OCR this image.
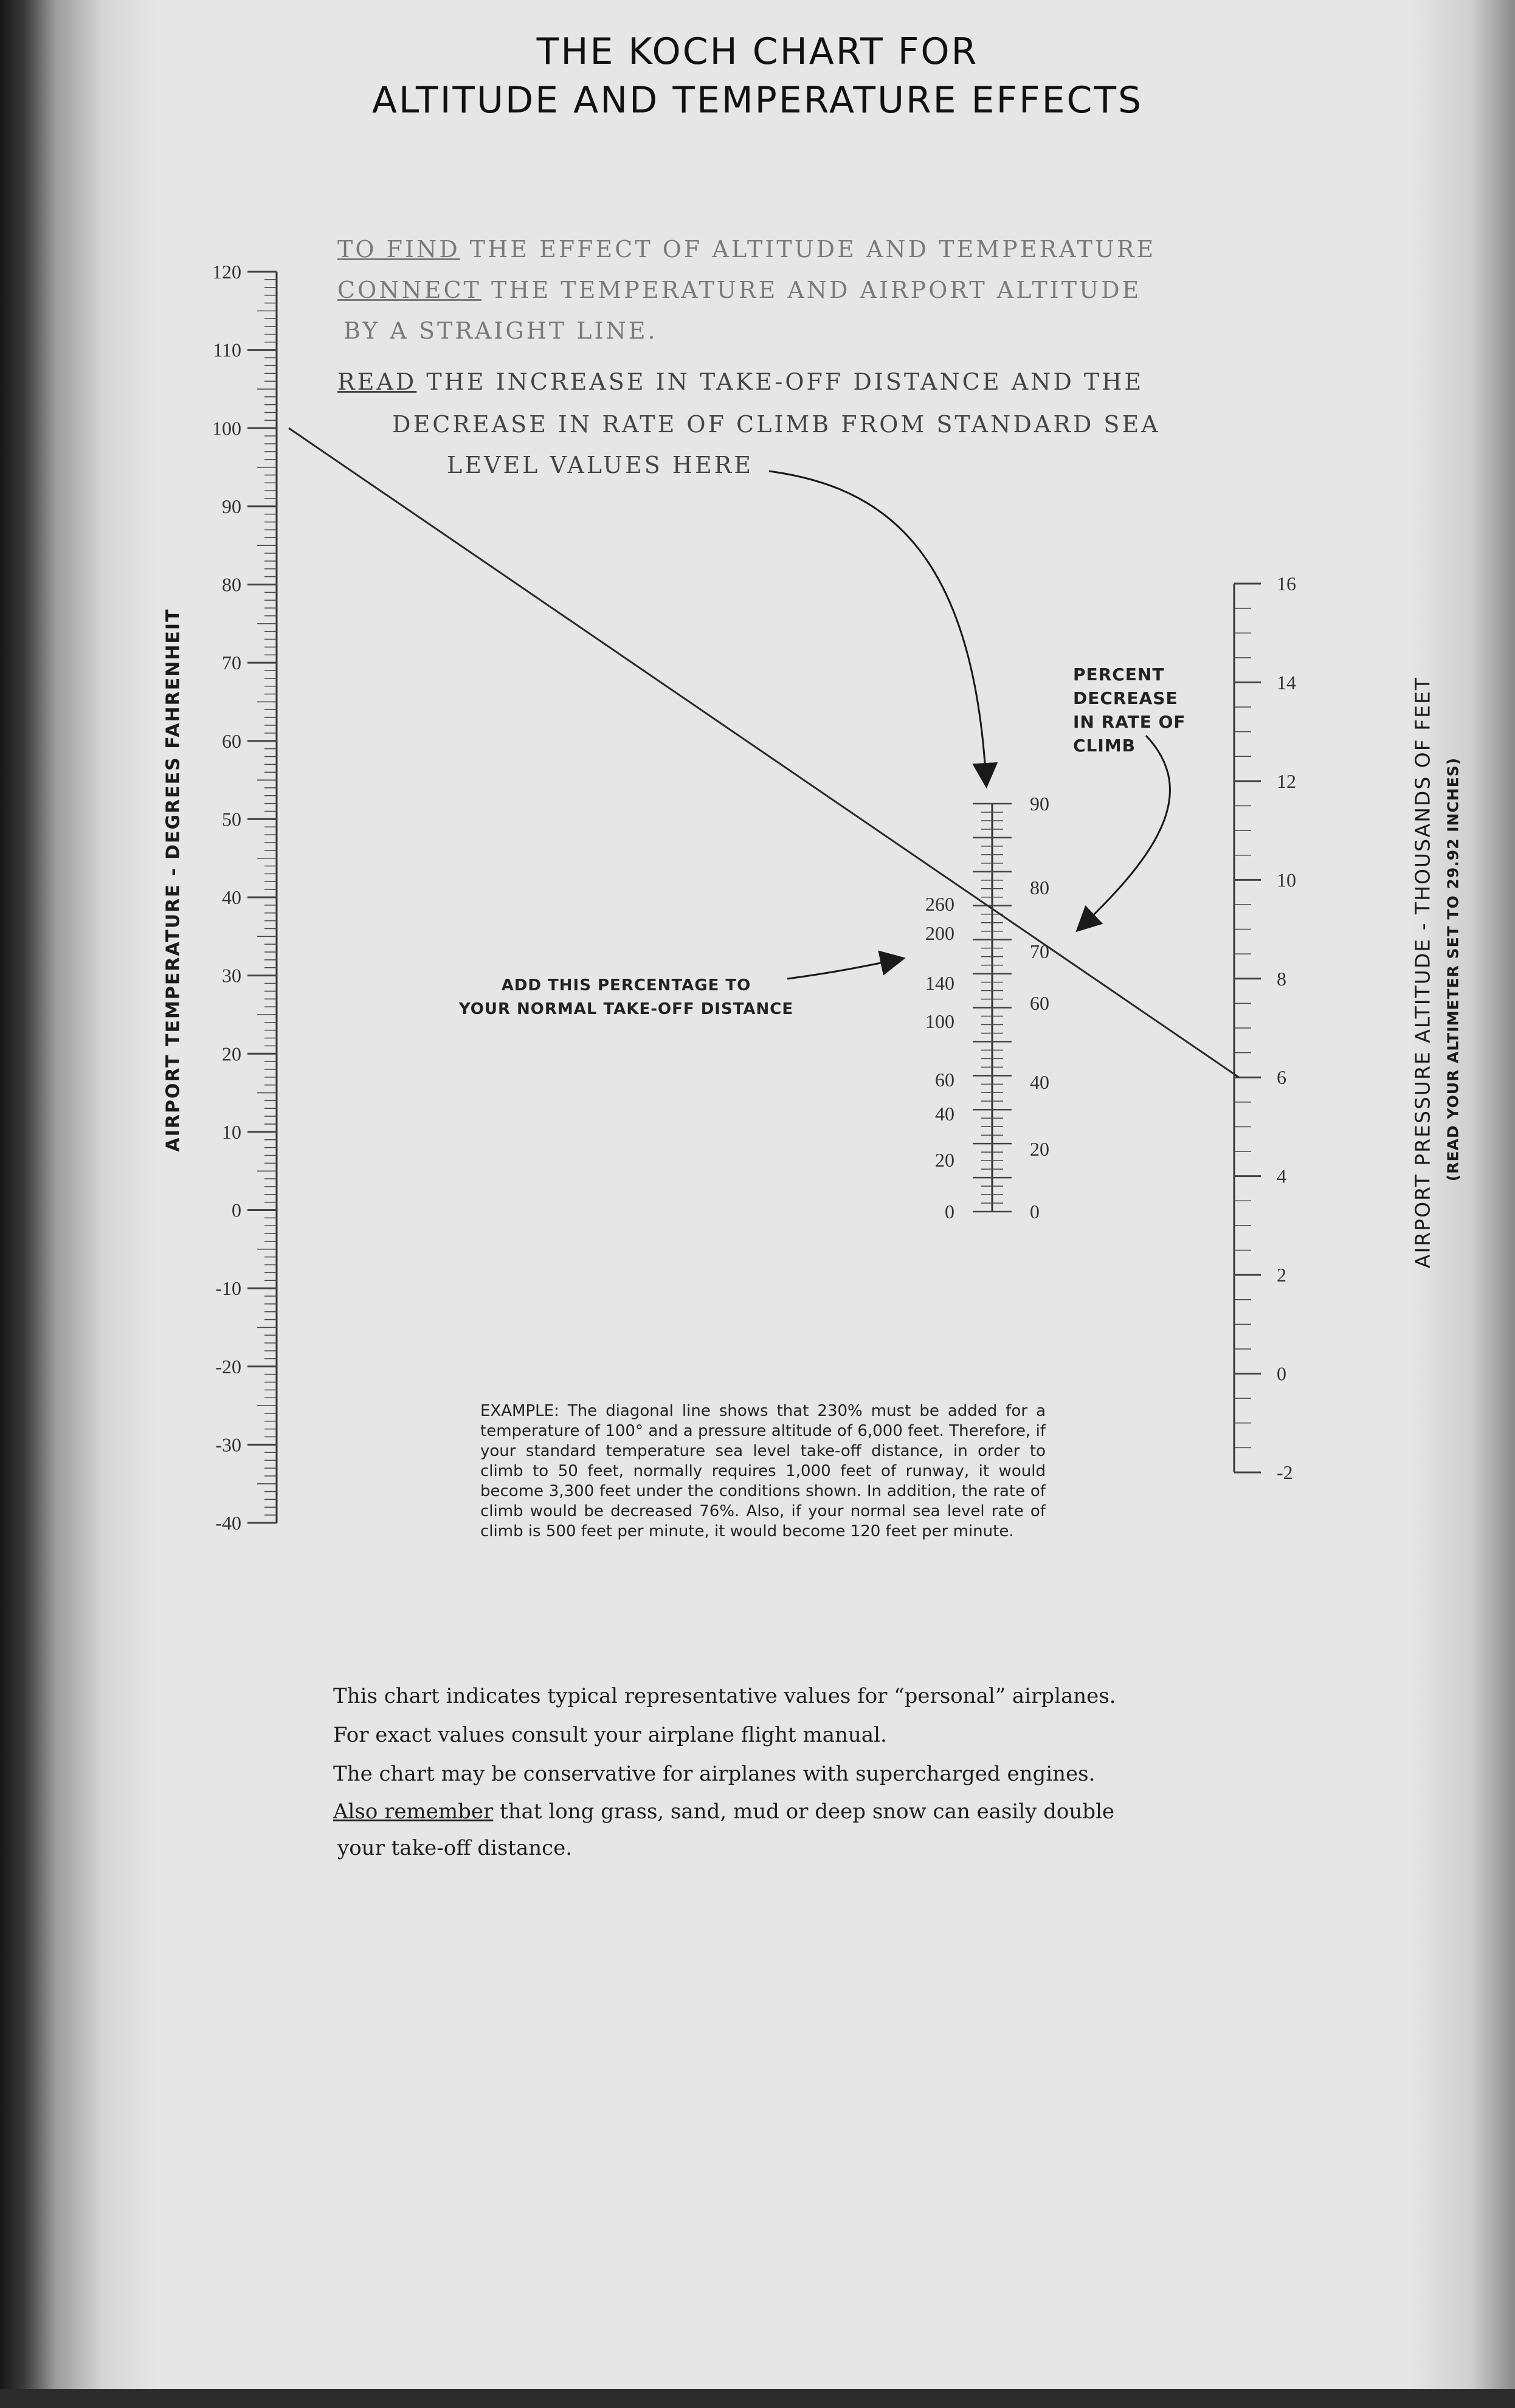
THE KOCH CHART FOR
ALTITUDE AND TEMPERATURE EFFECTS
TO FIND THE EFFECT OF ALTITUDE AND TEMPERATURE
CONNECT THE TEMPERATURE AND AIRPORT ALTITUDE
BY A STRAIGHT LINE.
READ THE INCREASE IN TAKE-OFF DISTANCE AND THE
DECREASE IN RATE OF CLIMB FROM STANDARD SEA
LEVEL VALUES HERE
PERCENT
DECREASE
IN RATE OF
CLIMB
ADD THIS PERCENTAGE TO
YOUR NORMAL TAKE-OFF DISTANCE
AIRPORT TEMPERATURE - DEGREES FAHRENHEIT	AIRPORT PRESSURE ALTITUDE - THOUSANDS OF FEET (READ YOUR ALTIMETER SET TO 29.92 INCHES)
120
110
100
90
80
70
60
50
40
30
20
10
0
-10
-20
-30
-40
16
14
12
10
8
6
4
2
0
-2
260
200
140
100
60
40
20
0
90
80
70
60
40
20
0
EXAMPLE: The diagonal line shows that 230% must be added for a temperature of 100° and a pressure altitude of 6,000 feet. Therefore, if your standard temperature sea level take-off distance, in order to climb to 50 feet, normally requires 1,000 feet of runway, it would become 3,300 feet under the conditions shown. In addition, the rate of climb would be decreased 76%. Also, if your normal sea level rate of climb is 500 feet per minute, it would become 120 feet per minute.
This chart indicates typical representative values for “personal” airplanes.
For exact values consult your airplane flight manual.
The chart may be conservative for airplanes with supercharged engines.
Also remember that long grass, sand, mud or deep snow can easily double
your take-off distance.
